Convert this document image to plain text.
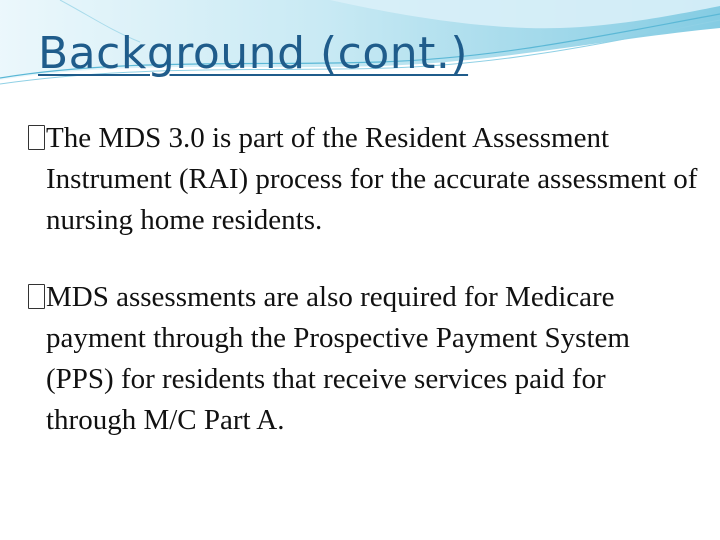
Background (cont.)
The MDS 3.0 is part of the Resident Assessment Instrument (RAI) process for the accurate assessment of nursing home residents.
MDS assessments are also required for Medicare payment through the Prospective Payment System (PPS) for residents that receive services paid for through M/C Part A.
